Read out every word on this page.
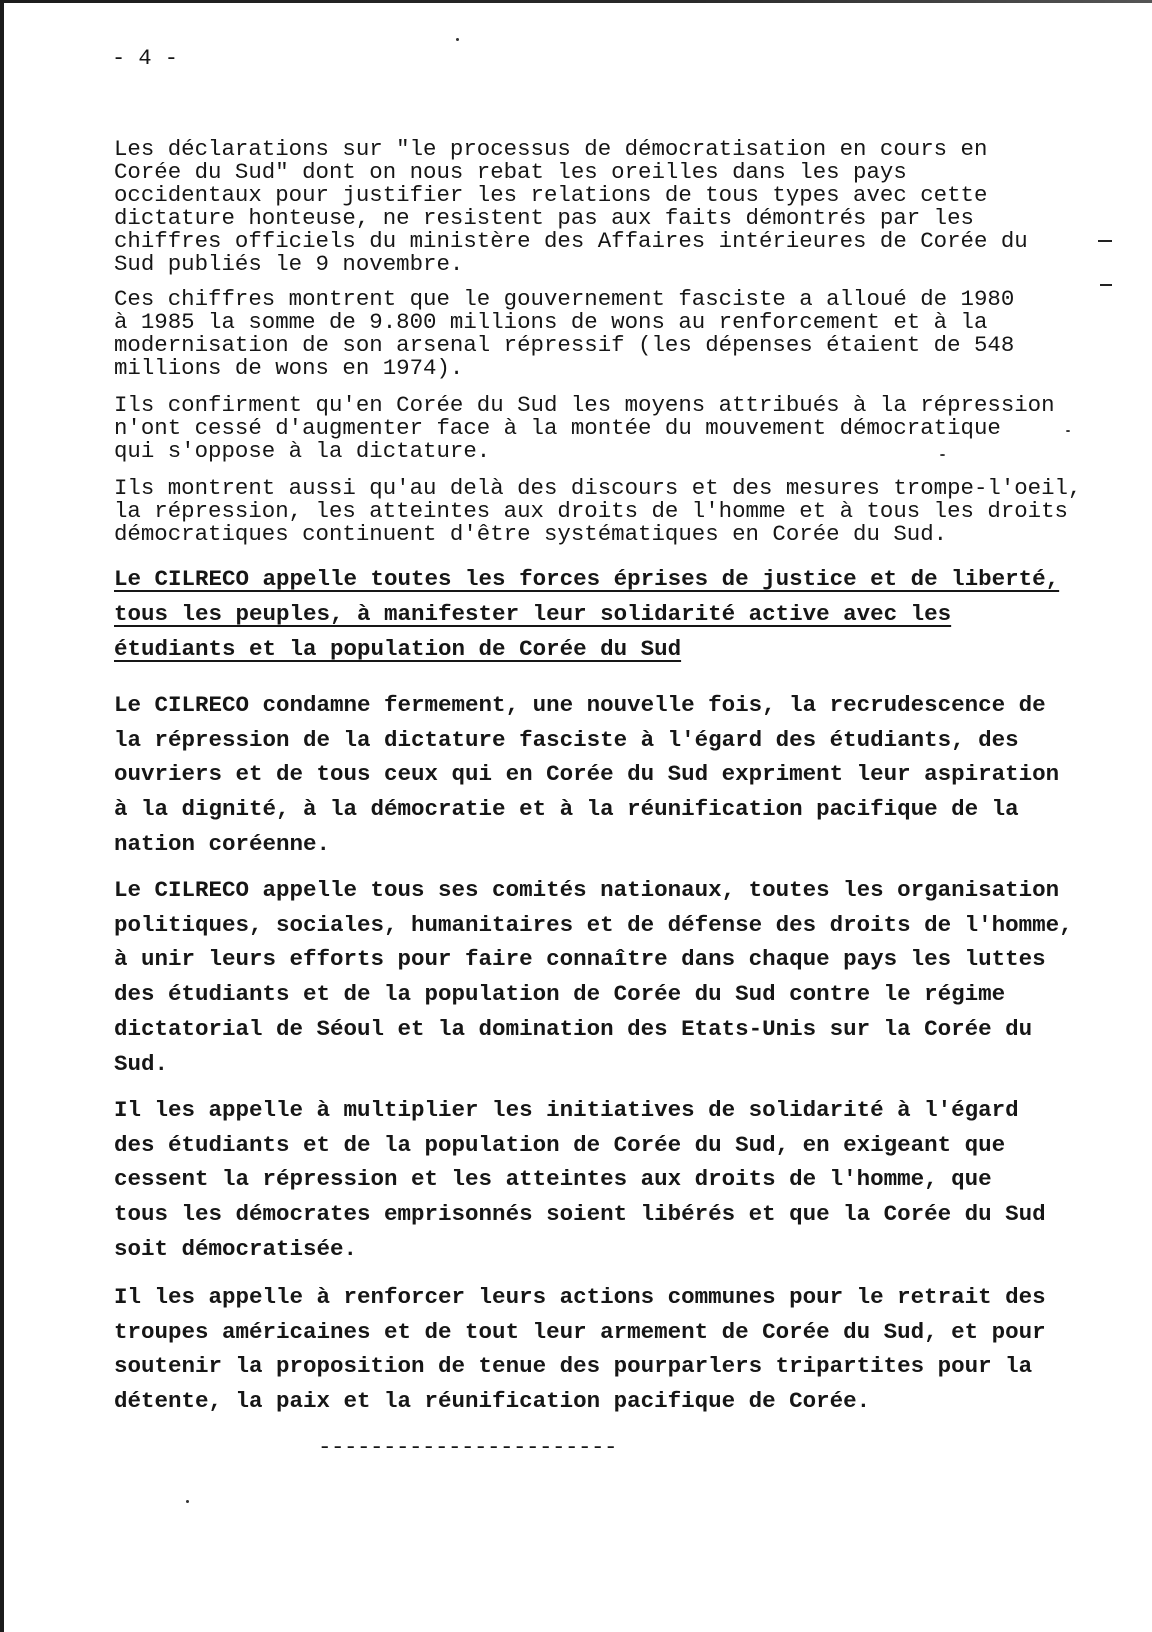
- 4 -
Les déclarations sur "le processus de démocratisation en cours en
Corée du Sud" dont on nous rebat les oreilles dans les pays
occidentaux pour justifier les relations de tous types avec cette
dictature honteuse, ne resistent pas aux faits démontrés par les
chiffres officiels du ministère des Affaires intérieures de Corée du
Sud publiés le 9 novembre.
Ces chiffres montrent que le gouvernement fasciste a alloué de 1980
à 1985 la somme de 9.800 millions de wons au renforcement et à la
modernisation de son arsenal répressif (les dépenses étaient de 548
millions de wons en 1974).
Ils confirment qu'en Corée du Sud les moyens attribués à la répression
n'ont cessé d'augmenter face à la montée du mouvement démocratique
qui s'oppose à la dictature.
Ils montrent aussi qu'au delà des discours et des mesures trompe-l'oeil,
la répression, les atteintes aux droits de l'homme et à tous les droits
démocratiques continuent d'être systématiques en Corée du Sud.
Le CILRECO appelle toutes les forces éprises de justice et de liberté,
tous les peuples, à manifester leur solidarité active avec les
étudiants et la population de Corée du Sud
Le CILRECO condamne fermement, une nouvelle fois, la recrudescence de
la répression de la dictature fasciste à l'égard des étudiants, des
ouvriers et de tous ceux qui en Corée du Sud expriment leur aspiration
à la dignité, à la démocratie et à la réunification pacifique de la
nation coréenne.
Le CILRECO appelle tous ses comités nationaux, toutes les organisation
politiques, sociales, humanitaires et de défense des droits de l'homme,
à unir leurs efforts pour faire connaître dans chaque pays les luttes
des étudiants et de la population de Corée du Sud contre le régime
dictatorial de Séoul et la domination des Etats-Unis sur la Corée du
Sud.
Il les appelle à multiplier les initiatives de solidarité à l'égard
des étudiants et de la population de Corée du Sud, en exigeant que
cessent la répression et les atteintes aux droits de l'homme, que
tous les démocrates emprisonnés soient libérés et que la Corée du Sud
soit démocratisée.
Il les appelle à renforcer leurs actions communes pour le retrait des
troupes américaines et de tout leur armement de Corée du Sud, et pour
soutenir la proposition de tenue des pourparlers tripartites pour la
détente, la paix et la réunification pacifique de Corée.
-----------------------
